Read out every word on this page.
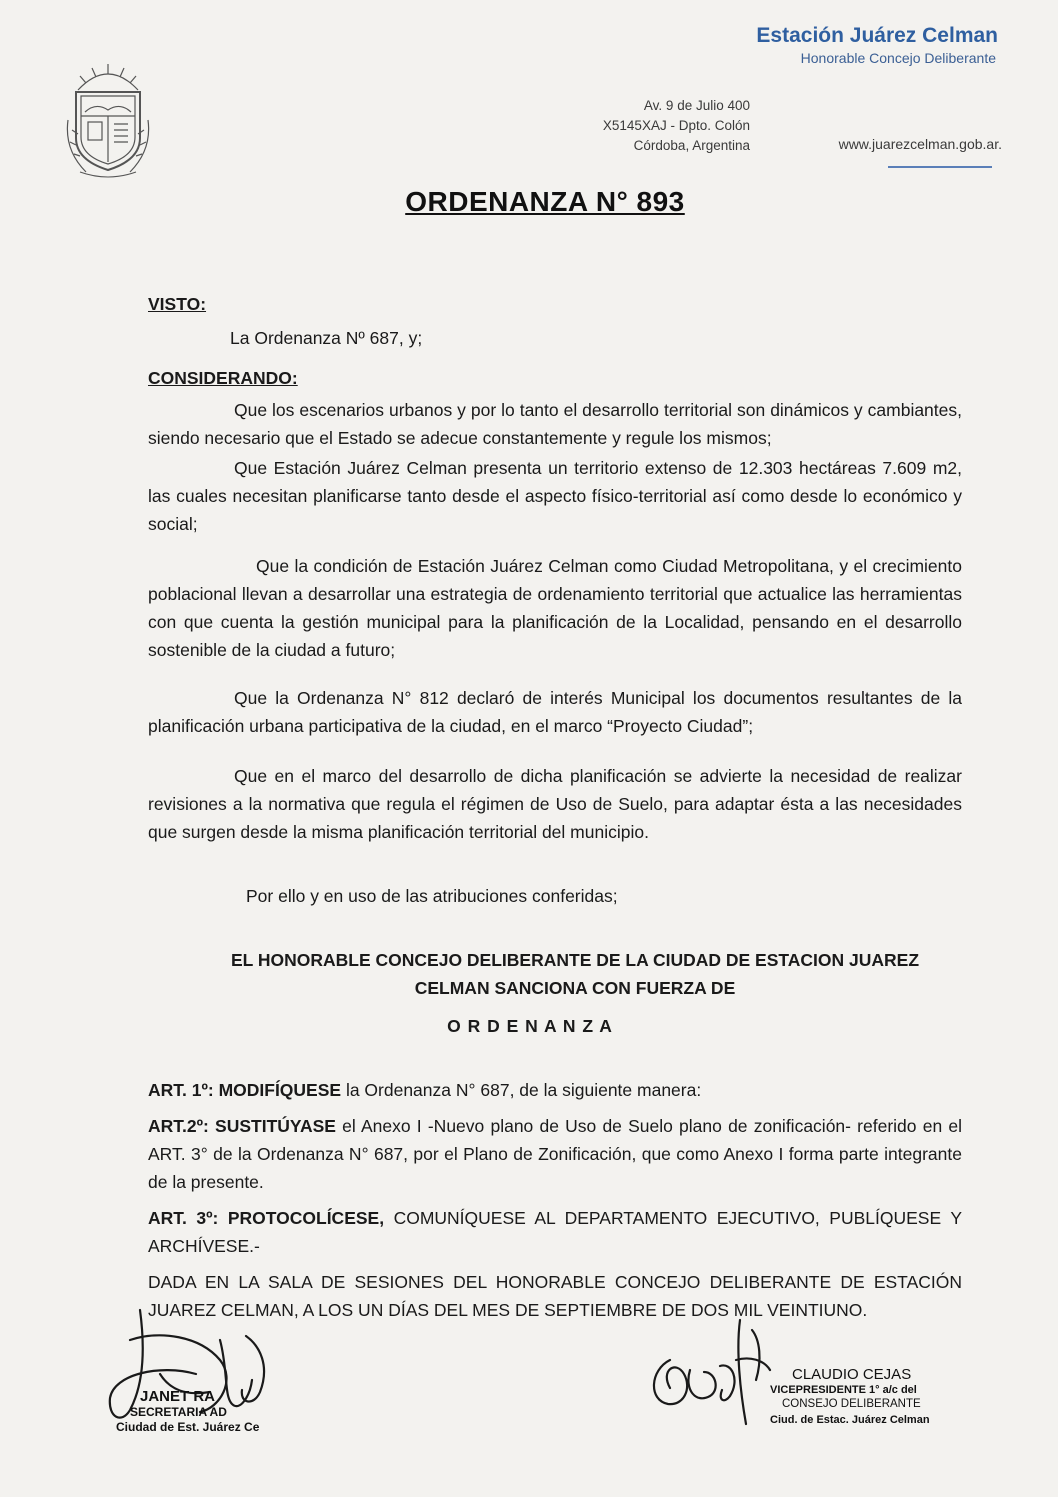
Estación Juárez Celman
Honorable Concejo Deliberante
Av. 9 de Julio 400
X5145XAJ - Dpto. Colón
Córdoba, Argentina	www.juarezcelman.gob.ar.
ORDENANZA N° 893
VISTO:
La Ordenanza Nº 687, y;
CONSIDERANDO:
Que los escenarios urbanos y por lo tanto el desarrollo territorial son dinámicos y cambiantes, siendo necesario que el Estado se adecue constantemente y regule los mismos;
Que Estación Juárez Celman presenta un territorio extenso de 12.303 hectáreas 7.609 m2, las cuales necesitan planificarse tanto desde el aspecto físico-territorial así como desde lo económico y social;
Que la condición de Estación Juárez Celman como Ciudad Metropolitana, y el crecimiento poblacional llevan a desarrollar una estrategia de ordenamiento territorial que actualice las herramientas con que cuenta la gestión municipal para la planificación de la Localidad, pensando en el desarrollo sostenible de la ciudad a futuro;
Que la Ordenanza N° 812 declaró de interés Municipal los documentos resultantes de la planificación urbana participativa de la ciudad, en el marco “Proyecto Ciudad”;
Que en el marco del desarrollo de dicha planificación se advierte la necesidad de realizar revisiones a la normativa que regula el régimen de Uso de Suelo, para adaptar ésta a las necesidades que surgen desde la misma planificación territorial del municipio.
Por ello y en uso de las atribuciones conferidas;
EL HONORABLE CONCEJO DELIBERANTE DE LA CIUDAD DE ESTACION JUAREZ CELMAN SANCIONA CON FUERZA DE
O R D E N A N Z A
ART. 1º: MODIFÍQUESE la Ordenanza N° 687, de la siguiente manera:
ART.2º: SUSTITÚYASE el Anexo I -Nuevo plano de Uso de Suelo plano de zonificación- referido en el ART. 3° de la Ordenanza N° 687, por el Plano de Zonificación, que como Anexo I forma parte integrante de la presente.
ART. 3º: PROTOCOLÍCESE, COMUNÍQUESE AL DEPARTAMENTO EJECUTIVO, PUBLÍQUESE Y ARCHÍVESE.-
DADA EN LA SALA DE SESIONES DEL HONORABLE CONCEJO DELIBERANTE DE ESTACIÓN JUAREZ CELMAN, A LOS UN DÍAS DEL MES DE SEPTIEMBRE DE DOS MIL VEINTIUNO.
JANET RA
SECRETARIA AD
Ciudad de Est. Juárez Ce
CLAUDIO CEJAS
VICEPRESIDENTE 1° a/c del
CONSEJO DELIBERANTE
Ciud. de Estac. Juárez Celman
